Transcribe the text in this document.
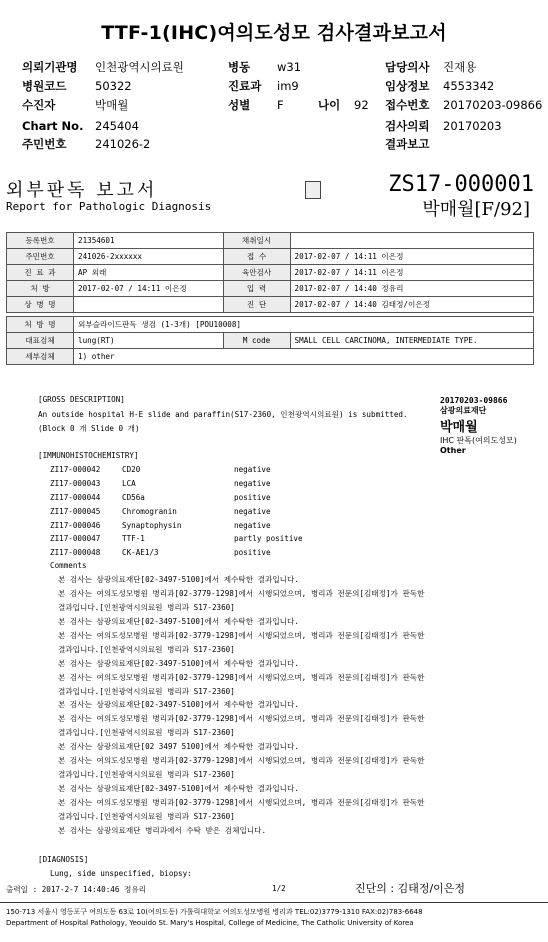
TTF-1(IHC)여의도성모 검사결과보고서
의뢰기관명 인천광역시의료원	병동 w31	담당의사 진재용
병원코드 50322	진료과 im9	임상정보 4553342
수진자	박매월	성별 F	나이 92 접수번호 20170203-09866
Chart No. 245404	검사의뢰 20170203
주민번호 241026-2	결과보고
외부판독 보고서
Report for Pathologic Diagnosis
ZS17-000001
박매월[F/92]
등록번호	21354601	채취일시	
주민번호	241026-2xxxxxx	접 수	2017-02-07 / 14:11 이은정
진 료 과	AP 외래	육안검사	2017-02-07 / 14:11 이은정
처 방	2017-02-07 / 14:11 이은정	입 력	2017-02-07 / 14:40 정유리
상 병 명		진 단	2017-02-07 / 14:40 김태정/이은정

처 방 명	외부슬라이드판독 생검 (1-3개) [POU10008]		
대표검체	lung(RT)	M code	SMALL CELL CARCINOMA, INTERMEDIATE TYPE.
세부검체	1) other		
[GROSS DESCRIPTION]
An outside hospital H-E slide and paraffin(S17-2360, 인천광역시의료원) is submitted.
(Block 0 개 Slide 0 개)
20170203-09866
삼광의료재단
박매월
IHC 판독(여의도성모)
Other
[IMMUNOHISTOCHEMISTRY]
ZI17-000042	CD20	negative
ZI17-000043	LCA	negative
ZI17-000044	CD56a	positive
ZI17-000045	Chromogranin	negative
ZI17-000046	Synaptophysin	negative
ZI17-000047	TTF-1	partly positive
ZI17-000048	CK-AE1/3	positive
Comments
본 검사는 삼광의료재단[02-3497-5100]에서 제수탁한 결과입니다.
본 검사는 여의도성모병원 병리과[02-3779-1298]에서 시행되었으며, 병리과 전문의[김태정]가 판독한
결과입니다.[인천광역시의료원 병리과 S17-2360]
본 검사는 삼광의료재단[02-3497-5100]에서 제수탁한 결과입니다.
본 검사는 여의도성모병원 병리과[02-3779-1298]에서 시행되었으며, 병리과 전문의[김태정]가 판독한
결과입니다.[인천광역시의료원 병리과 S17-2360]
본 검사는 삼광의료재단[02-3497-5100]에서 제수탁한 결과입니다.
본 검사는 여의도성모병원 병리과[02-3779-1298]에서 시행되었으며, 병리과 전문의[김태정]가 판독한
결과입니다.[인천광역시의료원 병리과 S17-2360]
본 검사는 삼광의료재단[02-3497-5100]에서 제수탁한 결과입니다.
본 검사는 여의도성모병원 병리과[02-3779-1298]에서 시행되었으며, 병리과 전문의[김태정]가 판독한
결과입니다.[인천광역시의료원 병리과 S17-2360]
본 검사는 삼광의료재단[02 3497 5100]에서 제수탁한 결과입니다.
본 검사는 여의도성모병원 병리과[02-3779-1298]에서 시행되었으며, 병리과 전문의[김태정]가 판독한
결과입니다.[인천광역시의료원 병리과 S17-2360]
본 검사는 삼광의료재단[02-3497-5100]에서 제수탁한 결과입니다.
본 검사는 여의도성모병원 병리과[02-3779-1298]에서 시행되었으며, 병리과 전문의[김태정]가 판독한
결과입니다.[인천광역시의료원 병리과 S17-2360]
본 검사는 삼광의료재단 병리과에서 수탁 받은 검체입니다.
[DIAGNOSIS]
Lung, side unspecified, biopsy:
출력일 : 2017-2-7 14:40:46 정유리	1/2	진단의 : 김태정/이은정
150-713 서울시 영등포구 여의도동 63로 10(여의도동) 가톨릭대학교 여의도성모병원 병리과 TEL:02)3779-1310 FAX:02)783-6648
Department of Hospital Pathology, Yeouido St. Mary's Hospital, College of Medicine, The Catholic University of Korea
